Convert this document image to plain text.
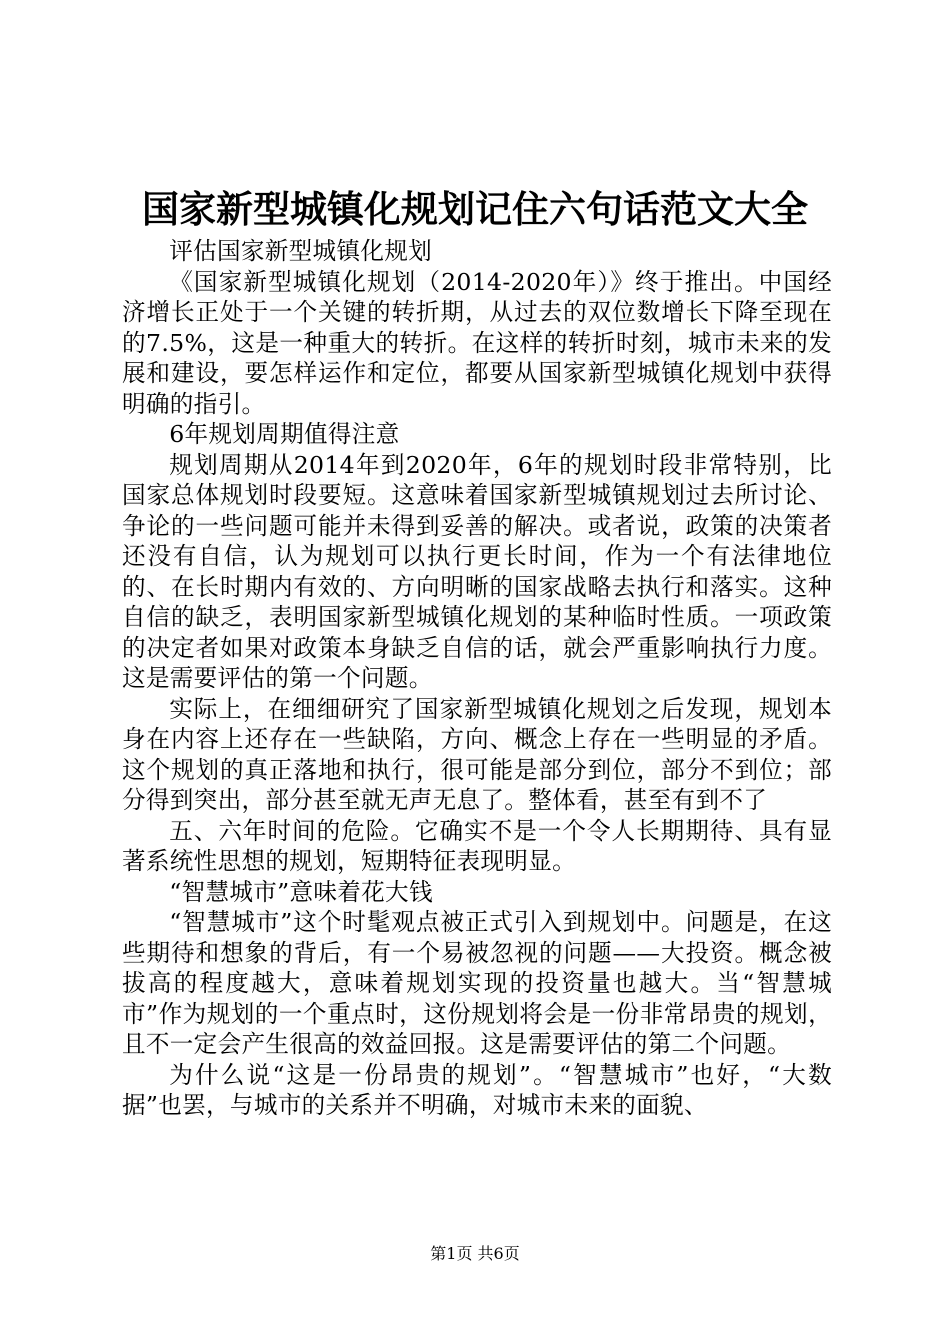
国家新型城镇化规划记住六句话范文大全

评估国家新型城镇化规划

《国家新型城镇化规划（2014-2020年）》终于推出。中国经济增长正处于一个关键的转折期，从过去的双位数增长下降至现在的7.5%，这是一种重大的转折。在这样的转折时刻，城市未来的发展和建设，要怎样运作和定位，都要从国家新型城镇化规划中获得明确的指引。

6年规划周期值得注意

规划周期从2014年到2020年，6年的规划时段非常特别，比国家总体规划时段要短。这意味着国家新型城镇规划过去所讨论、争论的一些问题可能并未得到妥善的解决。或者说，政策的决策者还没有自信，认为规划可以执行更长时间，作为一个有法律地位的、在长时期内有效的、方向明晰的国家战略去执行和落实。这种自信的缺乏，表明国家新型城镇化规划的某种临时性质。一项政策的决定者如果对政策本身缺乏自信的话，就会严重影响执行力度。这是需要评估的第一个问题。

实际上，在细细研究了国家新型城镇化规划之后发现，规划本身在内容上还存在一些缺陷，方向、概念上存在一些明显的矛盾。这个规划的真正落地和执行，很可能是部分到位，部分不到位；部分得到突出，部分甚至就无声无息了。整体看，甚至有到不了

五、六年时间的危险。它确实不是一个令人长期期待、具有显著系统性思想的规划，短期特征表现明显。

“智慧城市”意味着花大钱

“智慧城市”这个时髦观点被正式引入到规划中。问题是，在这些期待和想象的背后，有一个易被忽视的问题——大投资。概念被拔高的程度越大，意味着规划实现的投资量也越大。当“智慧城市”作为规划的一个重点时，这份规划将会是一份非常昂贵的规划，且不一定会产生很高的效益回报。这是需要评估的第二个问题。

为什么说“这是一份昂贵的规划”。“智慧城市”也好，“大数据”也罢，与城市的关系并不明确，对城市未来的面貌、

第1页 共6页
